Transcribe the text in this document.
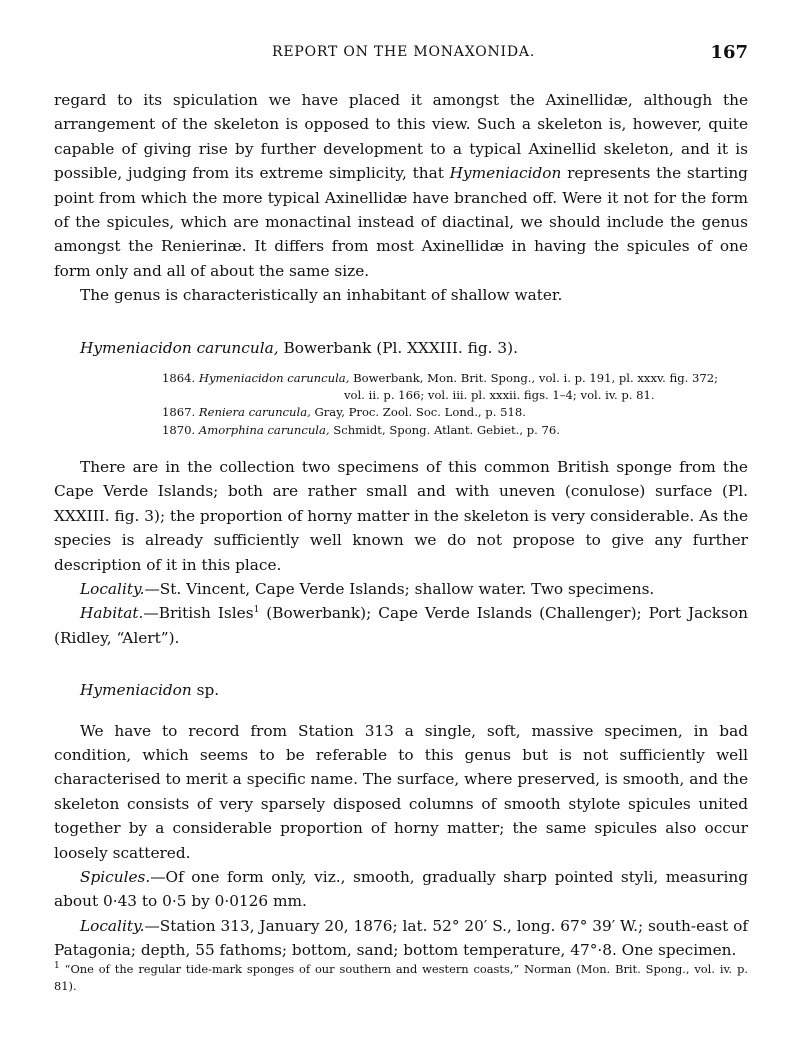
REPORT ON THE MONAXONIDA.	167

regard to its spiculation we have placed it amongst the Axinellidæ, although the arrangement of the skeleton is opposed to this view. Such a skeleton is, however, quite capable of giving rise by further development to a typical Axinellid skeleton, and it is possible, judging from its extreme simplicity, that Hymeniacidon represents the starting point from which the more typical Axinellidæ have branched off. Were it not for the form of the spicules, which are monactinal instead of diactinal, we should include the genus amongst the Renierinæ. It differs from most Axinellidæ in having the spicules of one form only and all of about the same size.

The genus is characteristically an inhabitant of shallow water.

Hymeniacidon caruncula, Bowerbank (Pl. XXXIII. fig. 3).

1864. Hymeniacidon caruncula, Bowerbank, Mon. Brit. Spong., vol. i. p. 191, pl. xxxv. fig. 372;

vol. ii. p. 166; vol. iii. pl. xxxii. figs. 1–4; vol. iv. p. 81.

1867. Reniera caruncula, Gray, Proc. Zool. Soc. Lond., p. 518.

1870. Amorphina caruncula, Schmidt, Spong. Atlant. Gebiet., p. 76.

There are in the collection two specimens of this common British sponge from the Cape Verde Islands; both are rather small and with uneven (conulose) surface (Pl. XXXIII. fig. 3); the proportion of horny matter in the skeleton is very considerable. As the species is already sufficiently well known we do not propose to give any further description of it in this place.

Locality.—St. Vincent, Cape Verde Islands; shallow water. Two specimens.

Habitat.—British Isles$^1$ (Bowerbank); Cape Verde Islands (Challenger); Port Jackson (Ridley, “Alert”).

Hymeniacidon sp.

We have to record from Station 313 a single, soft, massive specimen, in bad condition, which seems to be referable to this genus but is not sufficiently well characterised to merit a specific name. The surface, where preserved, is smooth, and the skeleton consists of very sparsely disposed columns of smooth stylote spicules united together by a considerable proportion of horny matter; the same spicules also occur loosely scattered.

Spicules.—Of one form only, viz., smooth, gradually sharp pointed styli, measuring about 0·43 to 0·5 by 0·0126 mm.

Locality.—Station 313, January 20, 1876; lat. 52° 20′ S., long. 67° 39′ W.; south-east of Patagonia; depth, 55 fathoms; bottom, sand; bottom temperature, 47°·8. One specimen.

$^1$ “One of the regular tide-mark sponges of our southern and western coasts,” Norman (Mon. Brit. Spong., vol. iv. p. 81).
